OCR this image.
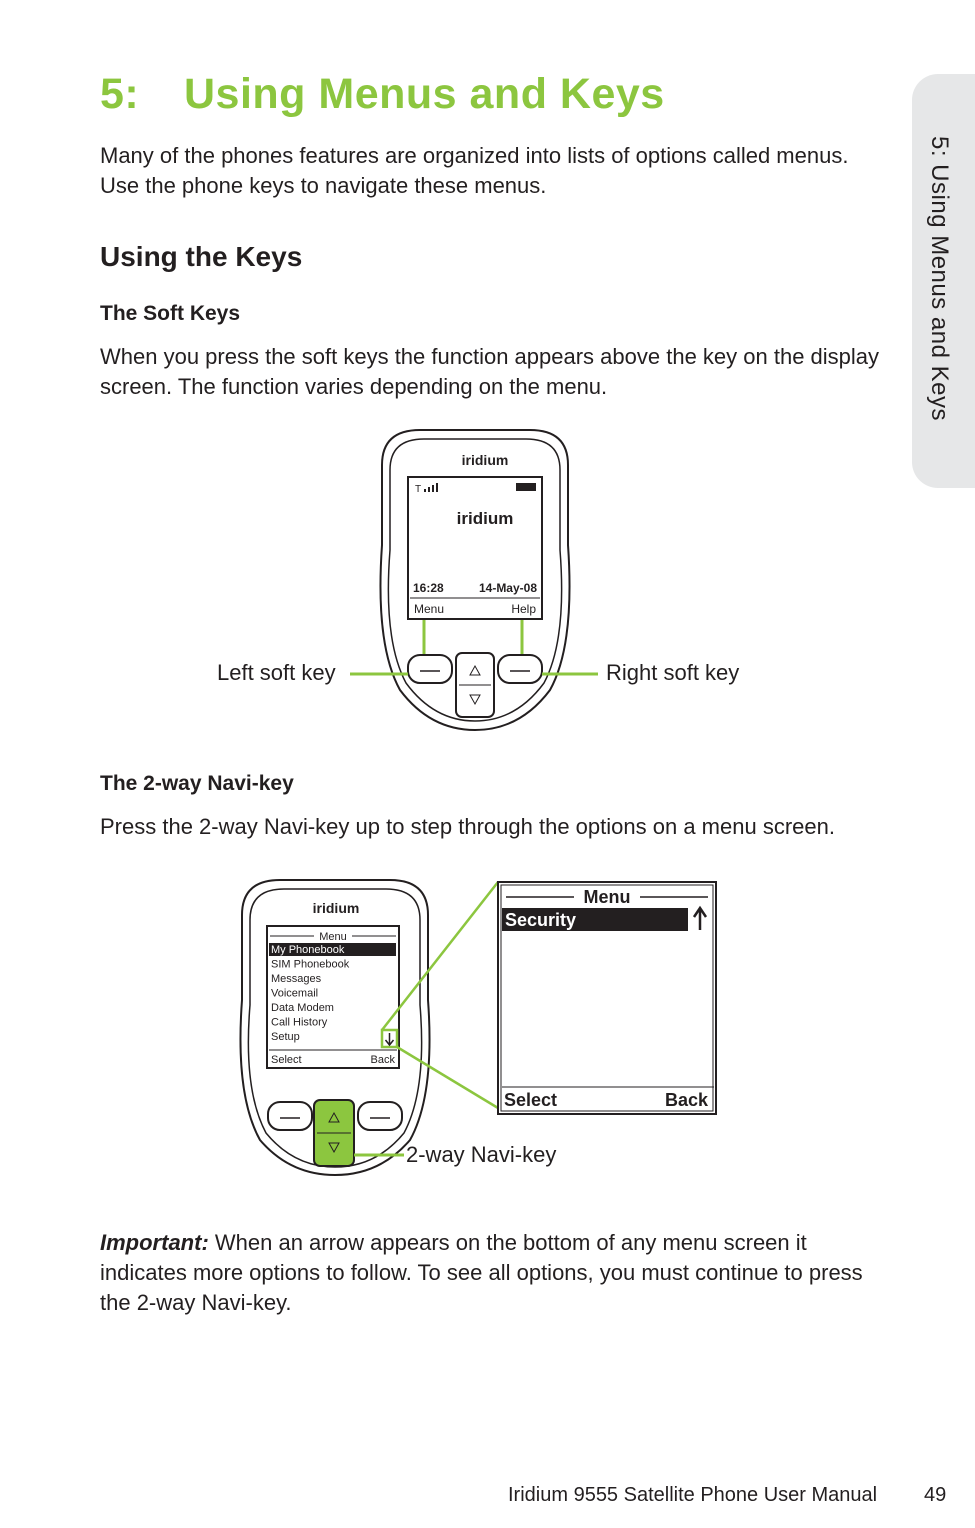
5: Using Menus and Keys
5: Using Menus and Keys
Many of the phones features are organized into lists of options called menus. Use the phone keys to navigate these menus.
Using the Keys
The Soft Keys
When you press the soft keys the function appears above the key on the display screen. The function varies depending on the menu.
iridium
T
iridium
16:28	14-May-08
Menu	Help
Left soft key	Right soft key
The 2-way Navi-key
Press the 2-way Navi-key up to step through the options on a menu screen.
iridium
Menu
My Phonebook
SIM Phonebook
Messages
Voicemail
Data Modem
Call History
Setup
Select	Back
Menu
Security
Select	Back
2-way Navi-key
Important: When an arrow appears on the bottom of any menu screen it indicates more options to follow. To see all options, you must continue to press the 2-way Navi-key.
Iridium 9555 Satellite Phone User Manual 49
